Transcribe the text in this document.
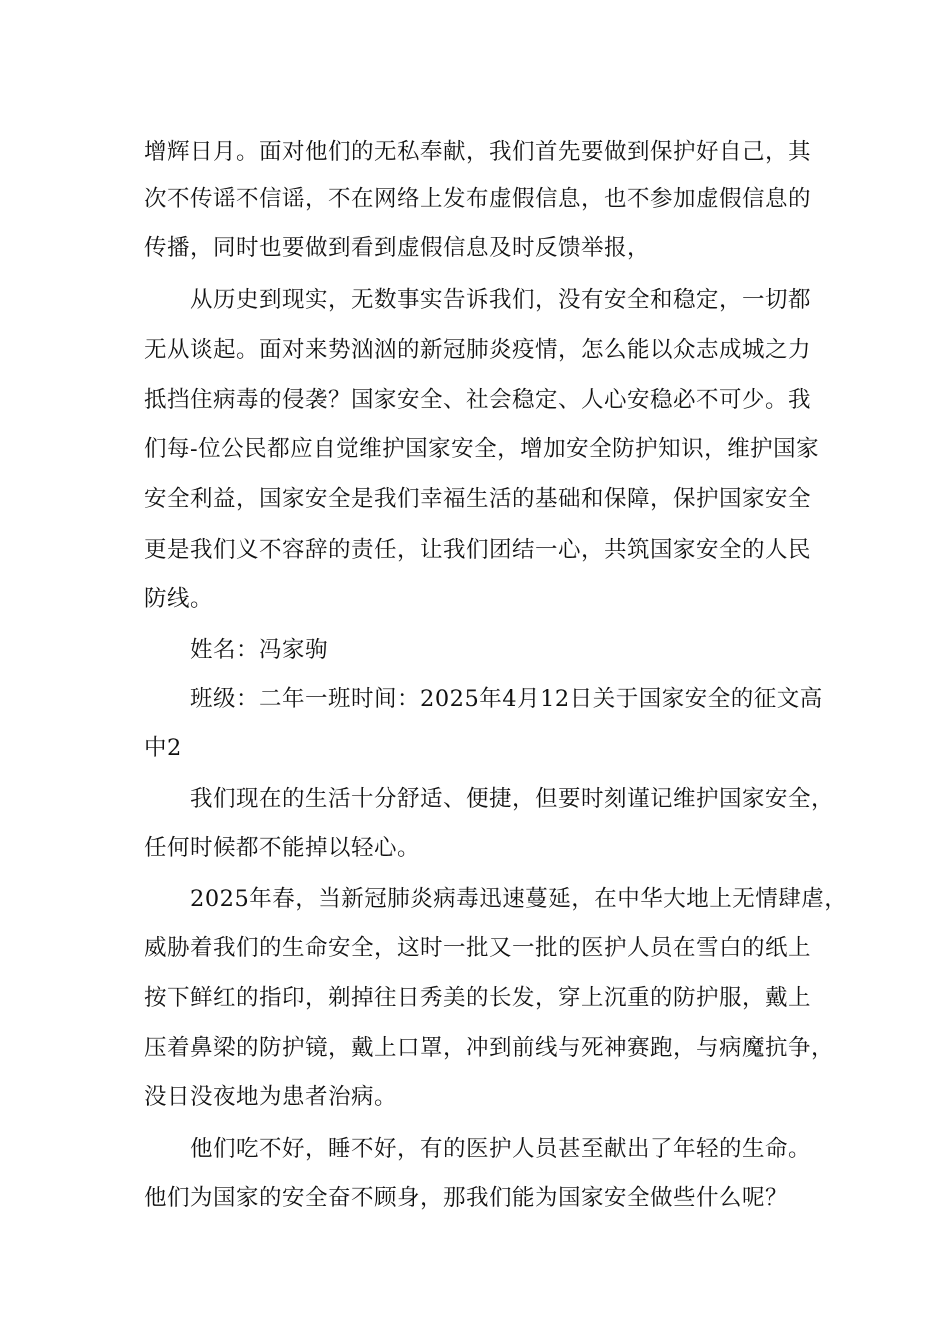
增辉日月。面对他们的无私奉献，我们首先要做到保护好自己，其
次不传谣不信谣，不在网络上发布虚假信息，也不参加虚假信息的
传播，同时也要做到看到虚假信息及时反馈举报，
从历史到现实，无数事实告诉我们，没有安全和稳定，一切都
无从谈起。面对来势汹汹的新冠肺炎疫情，怎么能以众志成城之力
抵挡住病毒的侵袭？国家安全、社会稳定、人心安稳必不可少。我
们每-位公民都应自觉维护国家安全，增加安全防护知识，维护国家
安全利益，国家安全是我们幸福生活的基础和保障，保护国家安全
更是我们义不容辞的责任，让我们团结一心，共筑国家安全的人民
防线。
姓名：冯家驹
班级：二年一班时间：2025年4月12日关于国家安全的征文高
中2
我们现在的生活十分舒适、便捷，但要时刻谨记维护国家安全，
任何时候都不能掉以轻心。
2025年春，当新冠肺炎病毒迅速蔓延，在中华大地上无情肆虐，
威胁着我们的生命安全，这时一批又一批的医护人员在雪白的纸上
按下鲜红的指印，剃掉往日秀美的长发，穿上沉重的防护服，戴上
压着鼻梁的防护镜，戴上口罩，冲到前线与死神赛跑，与病魔抗争，
没日没夜地为患者治病。
他们吃不好，睡不好，有的医护人员甚至献出了年轻的生命。
他们为国家的安全奋不顾身，那我们能为国家安全做些什么呢？
